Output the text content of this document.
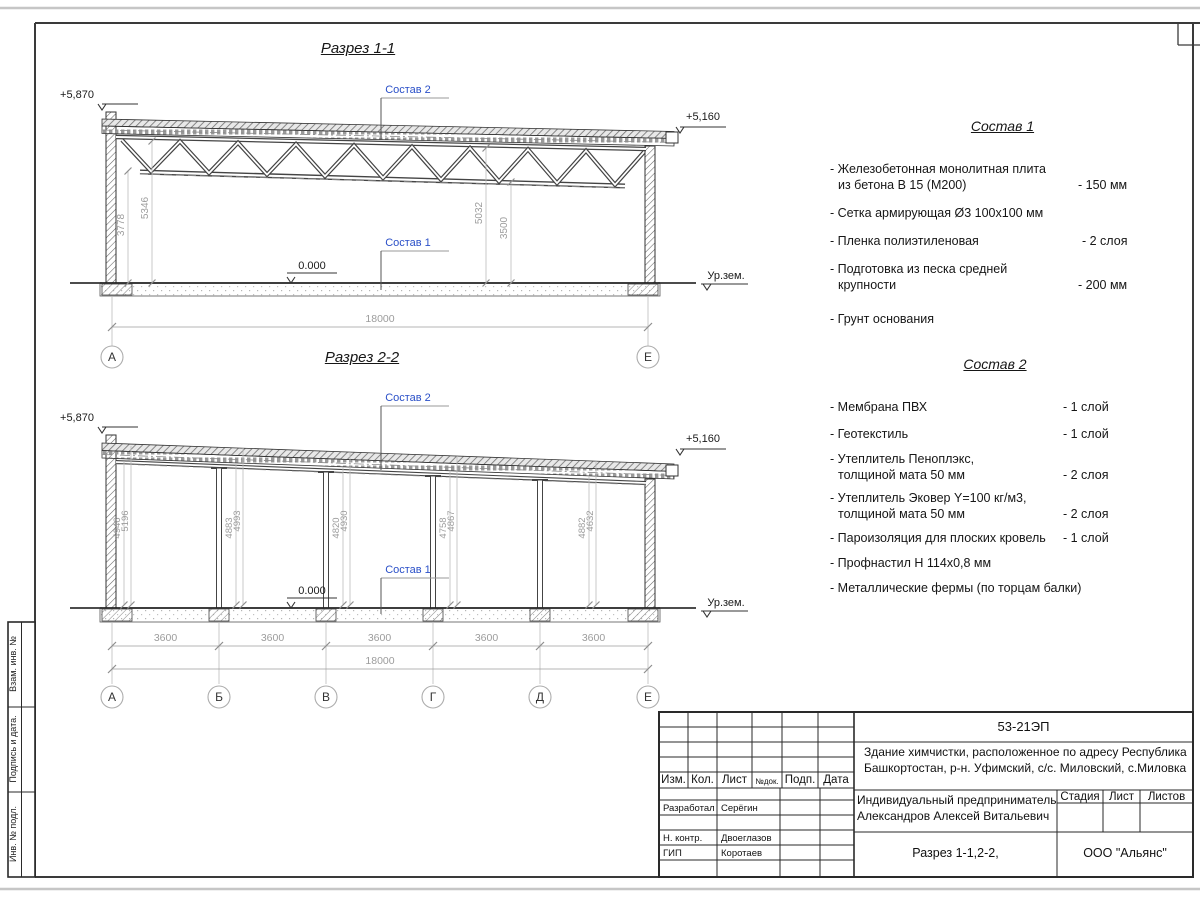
3778
5346	5032
3500
+5,870
+5,160
0.000
Ур.зем.
Состав 2
Состав 1
18000
А	Е
4946
5196	4883
4993	4820
4930	4758
4867	4882
4632
+5,870
+5,160
0.000
Ур.зем.
Состав 2
Состав 1
3600	3600	3600	3600	3600
18000
А	Б	В	Г	Д	Е
Взам. инв. №
Подпись и дата.
Инв. № подл.
Разрез 1-1
Разрез 2-2
Состав 1
- Железобетонная монолитная плита
из бетона В 15 (М200)	- 150 мм
- Сетка армирующая Ø3 100х100 мм
- Пленка полиэтиленовая	- 2 слоя
- Подготовка из песка средней
крупности	- 200 мм
- Грунт основания
Состав 2
- Мембрана ПВХ	- 1 слой
- Геотекстиль	- 1 слой
- Утеплитель Пеноплэкс,
толщиной мата 50 мм	- 2 слоя
- Утеплитель Эковер Y=100 кг/м3,
толщиной мата 50 мм	- 2 слоя
- Пароизоляция для плоских кровель - 1 слой
- Профнастил Н 114х0,8 мм
- Металлические фермы (по торцам балки)
53-21ЭП
Здание химчистки, расположенное по адресу Республика
Башкортостан, р-н. Уфимский, с/с. Миловский, с.Миловка
Изм. Кол. Лист	№док. Подп. Дата
Разработал Серёгин
Н. контр. Двоеглазов
ГИП	Коротаев
Индивидуальный предприниматель
Александров Алексей Витальевич
Стадия Лист	Листов
Разрез 1-1,2-2,	ООО "Альянс"
